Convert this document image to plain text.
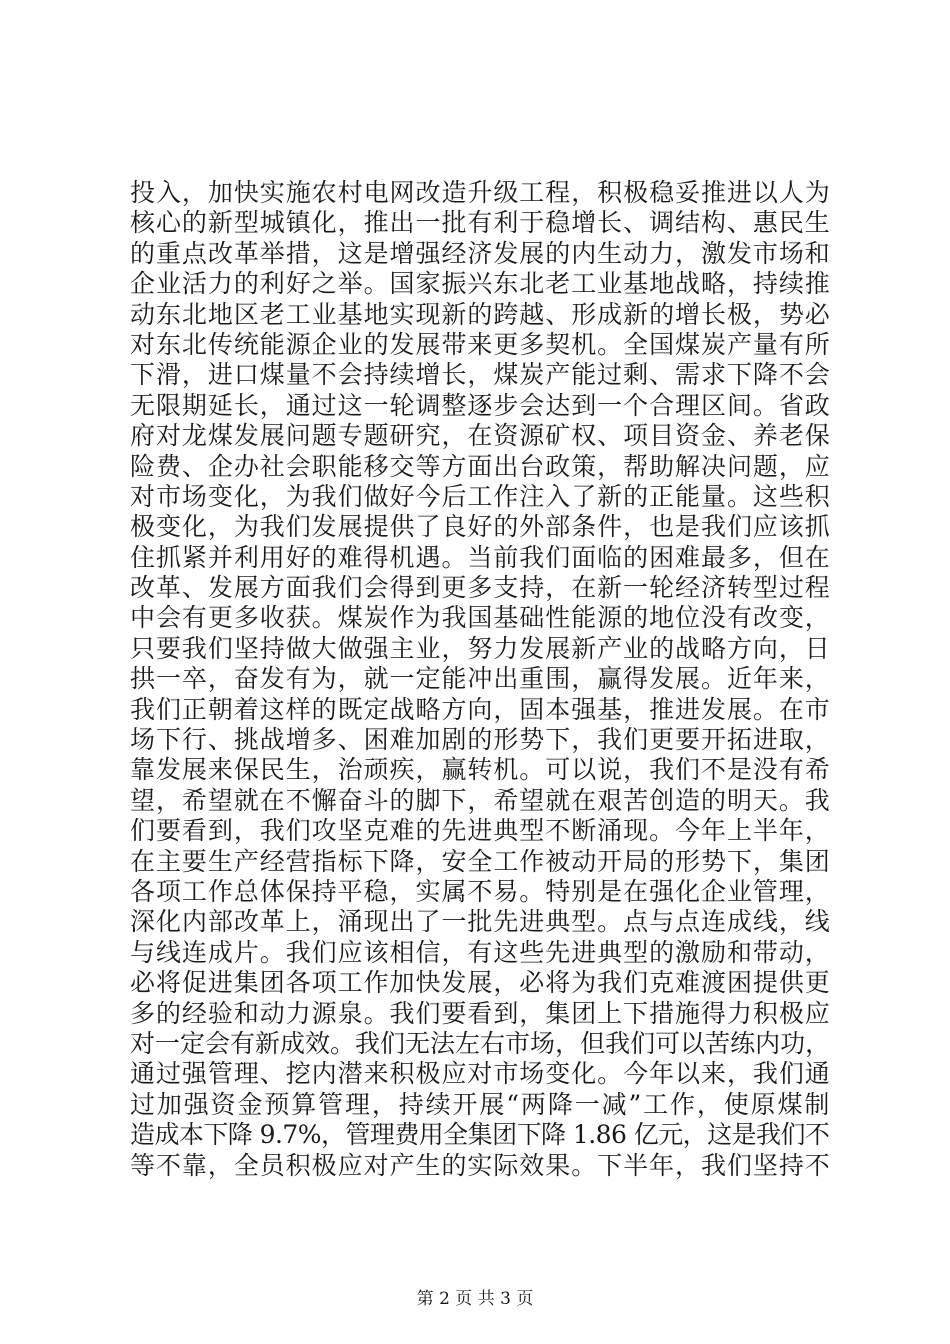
投入，加快实施农村电网改造升级工程，积极稳妥推进以人为
核心的新型城镇化，推出一批有利于稳增长、调结构、惠民生
的重点改革举措，这是增强经济发展的内生动力，激发市场和
企业活力的利好之举。国家振兴东北老工业基地战略，持续推
动东北地区老工业基地实现新的跨越、形成新的增长极，势必
对东北传统能源企业的发展带来更多契机。全国煤炭产量有所
下滑，进口煤量不会持续增长，煤炭产能过剩、需求下降不会
无限期延长，通过这一轮调整逐步会达到一个合理区间。省政
府对龙煤发展问题专题研究，在资源矿权、项目资金、养老保
险费、企办社会职能移交等方面出台政策，帮助解决问题，应
对市场变化，为我们做好今后工作注入了新的正能量。这些积
极变化，为我们发展提供了良好的外部条件，也是我们应该抓
住抓紧并利用好的难得机遇。当前我们面临的困难最多，但在
改革、发展方面我们会得到更多支持，在新一轮经济转型过程
中会有更多收获。煤炭作为我国基础性能源的地位没有改变，
只要我们坚持做大做强主业，努力发展新产业的战略方向，日
拱一卒，奋发有为，就一定能冲出重围，赢得发展。近年来，
我们正朝着这样的既定战略方向，固本强基，推进发展。在市
场下行、挑战增多、困难加剧的形势下，我们更要开拓进取，
靠发展来保民生，治顽疾，赢转机。可以说，我们不是没有希
望，希望就在不懈奋斗的脚下，希望就在艰苦创造的明天。我
们要看到，我们攻坚克难的先进典型不断涌现。今年上半年，
在主要生产经营指标下降，安全工作被动开局的形势下，集团
各项工作总体保持平稳，实属不易。特别是在强化企业管理，
深化内部改革上，涌现出了一批先进典型。点与点连成线，线
与线连成片。我们应该相信，有这些先进典型的激励和带动，
必将促进集团各项工作加快发展，必将为我们克难渡困提供更
多的经验和动力源泉。我们要看到，集团上下措施得力积极应
对一定会有新成效。我们无法左右市场，但我们可以苦练内功，
通过强管理、挖内潜来积极应对市场变化。今年以来，我们通
过加强资金预算管理，持续开展“两降一减”工作，使原煤制
造成本下降 9.7%，管理费用全集团下降 1.86 亿元，这是我们不
等不靠，全员积极应对产生的实际效果。下半年，我们坚持不
第 2 页 共 3 页
